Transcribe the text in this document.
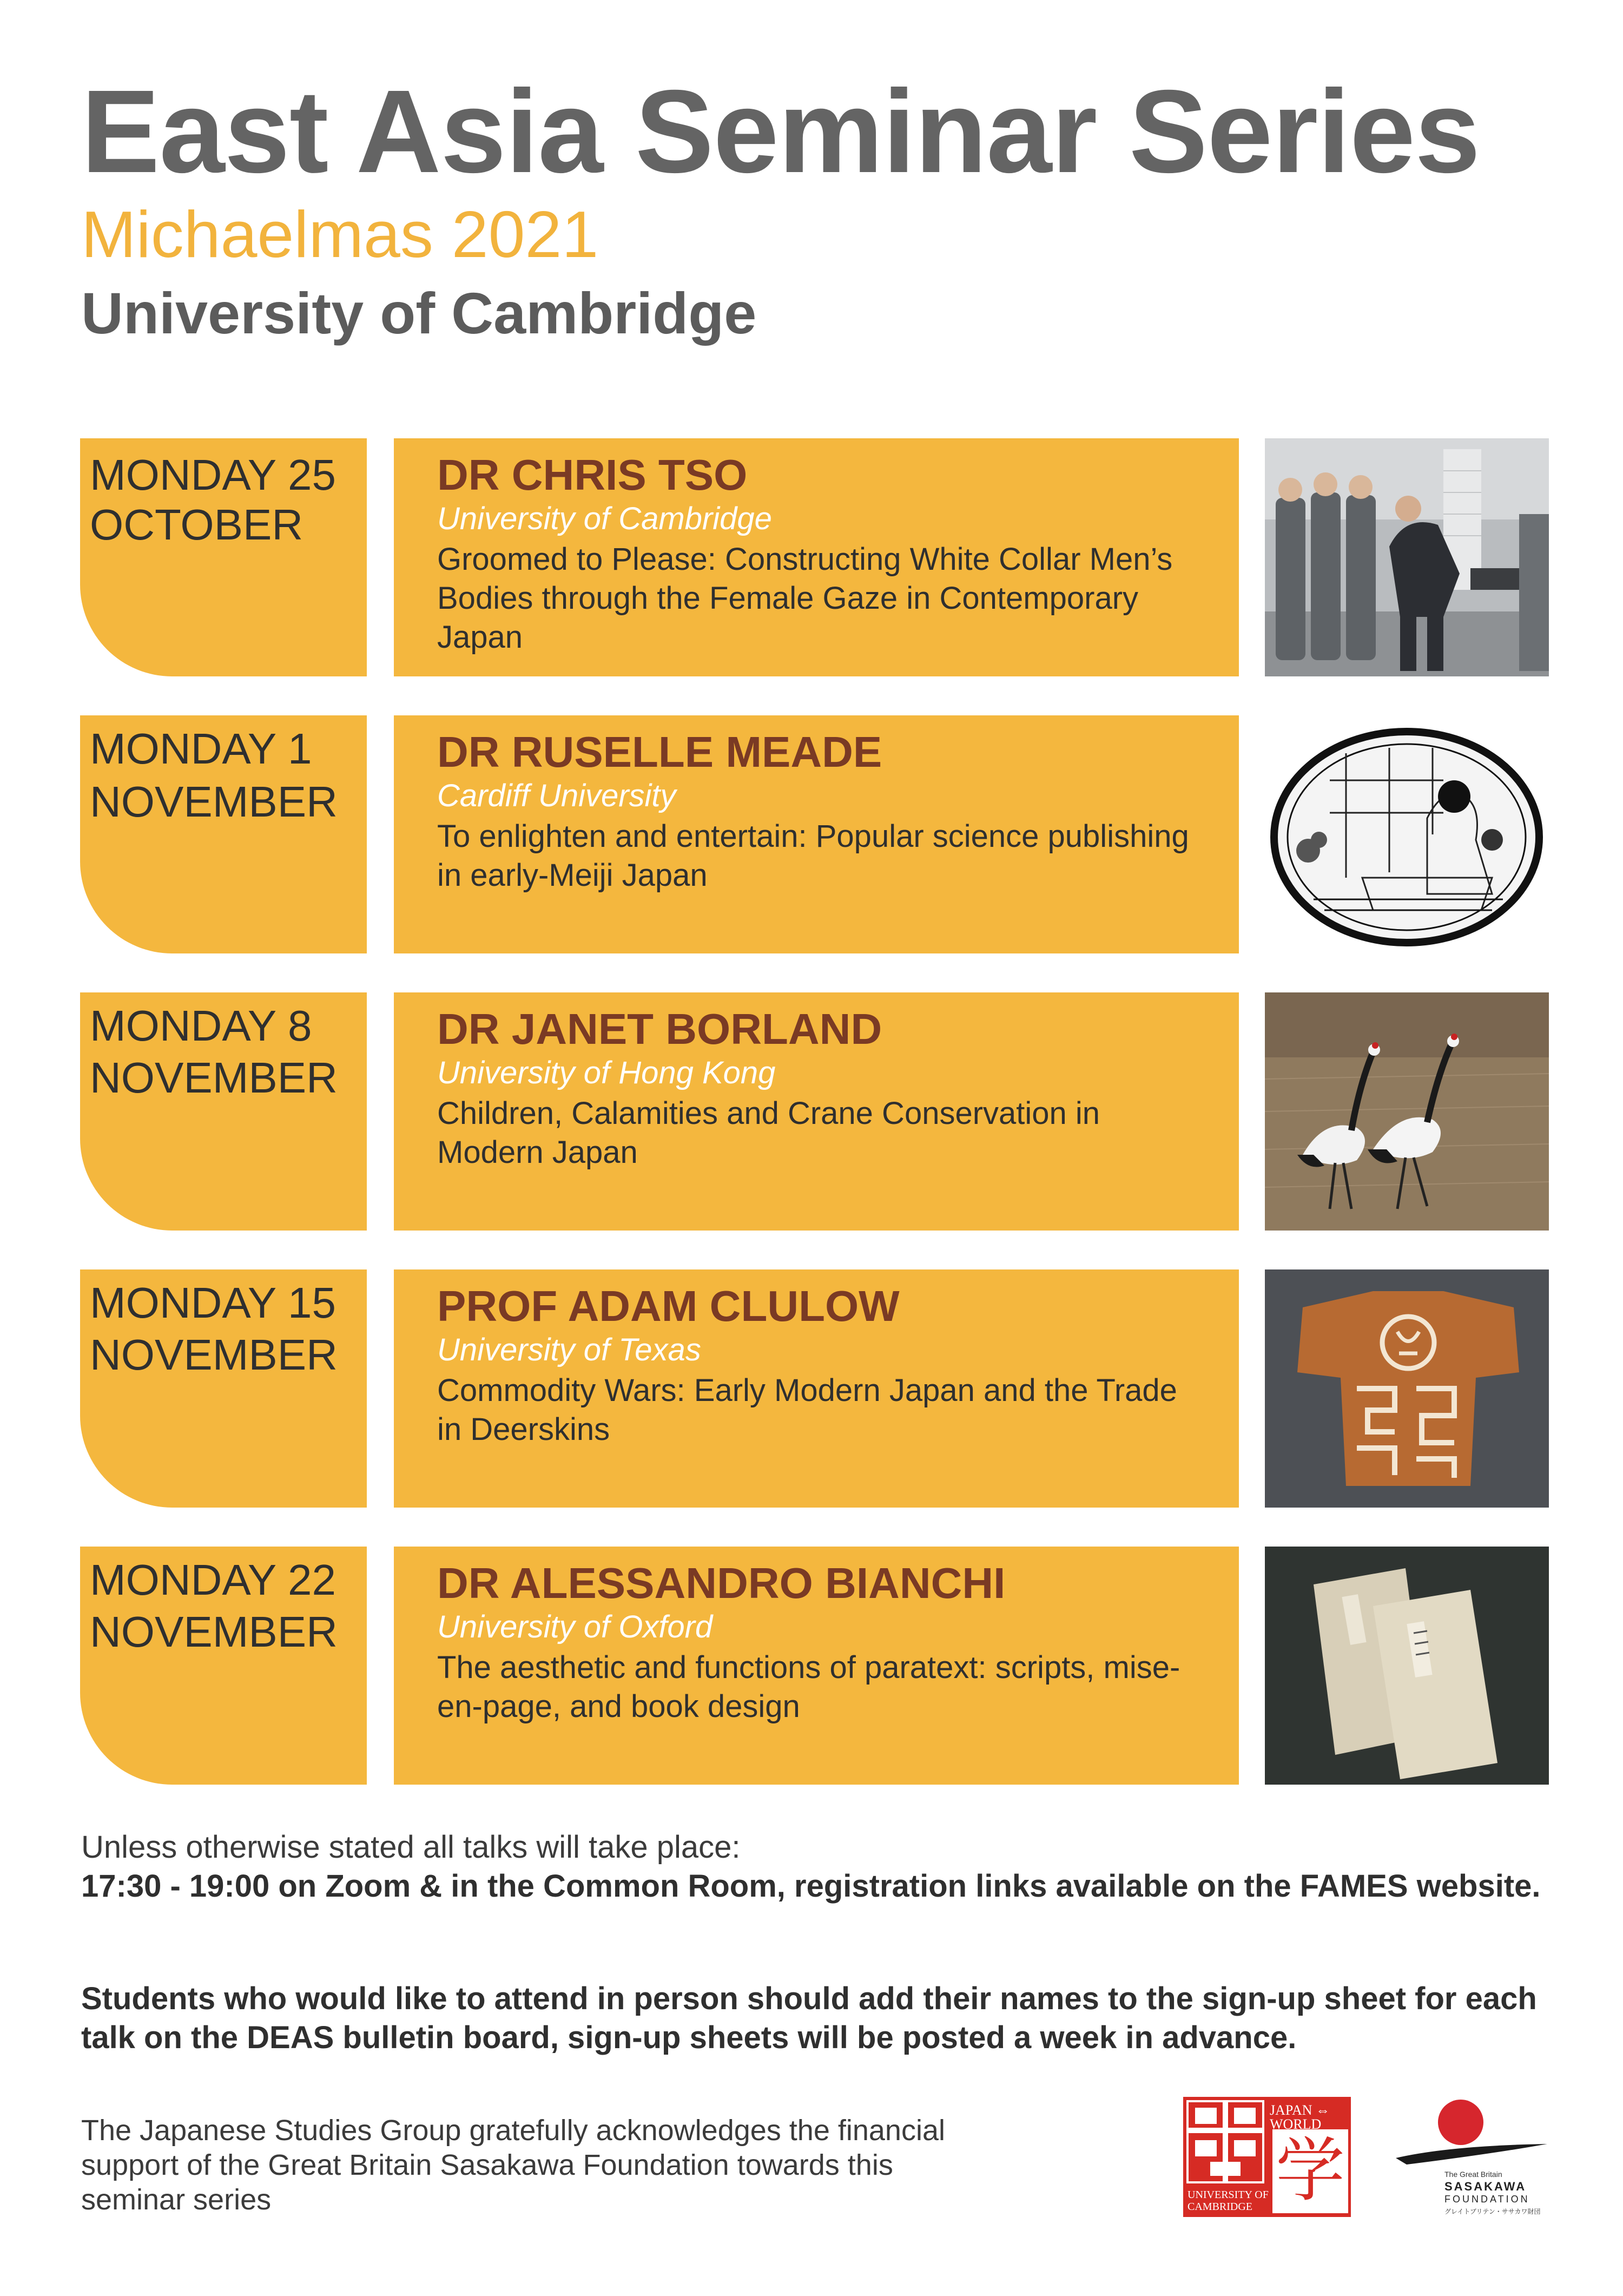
East Asia Seminar Series
Michaelmas 2021
University of Cambridge
MONDAY 25
OCTOBER
DR CHRIS TSO
University of Cambridge
Groomed to Please: Constructing White Collar Men’s Bodies through the Female Gaze in Contemporary Japan
MONDAY 1
NOVEMBER
DR RUSELLE MEADE
Cardiff University
To enlighten and entertain: Popular science publishing in early-Meiji Japan
MONDAY 8
NOVEMBER
DR JANET BORLAND
University of Hong Kong
Children, Calamities and Crane Conservation in Modern Japan
MONDAY 15
NOVEMBER
PROF ADAM CLULOW
University of Texas
Commodity Wars: Early Modern Japan and the Trade in Deerskins
MONDAY 22
NOVEMBER
DR ALESSANDRO BIANCHI
University of Oxford
The aesthetic and functions of paratext: scripts, mise-en-page, and book design
Unless otherwise stated all talks will take place:
17:30 - 19:00 on Zoom & in the Common Room, registration links available on the FAMES website.
Students who would like to attend in person should add their names to the sign-up sheet for each talk on the DEAS bulletin board, sign-up sheets will be posted a week in advance.
The Japanese Studies Group gratefully acknowledges the financial support of the Great Britain Sasakawa Foundation towards this seminar series
JAPAN ⇔ WORLD
UNIVERSITY OF CAMBRIDGE 学	The Great Britain
SASAKAWA
FOUNDATION
グレイトブリテン・ササカワ財団
